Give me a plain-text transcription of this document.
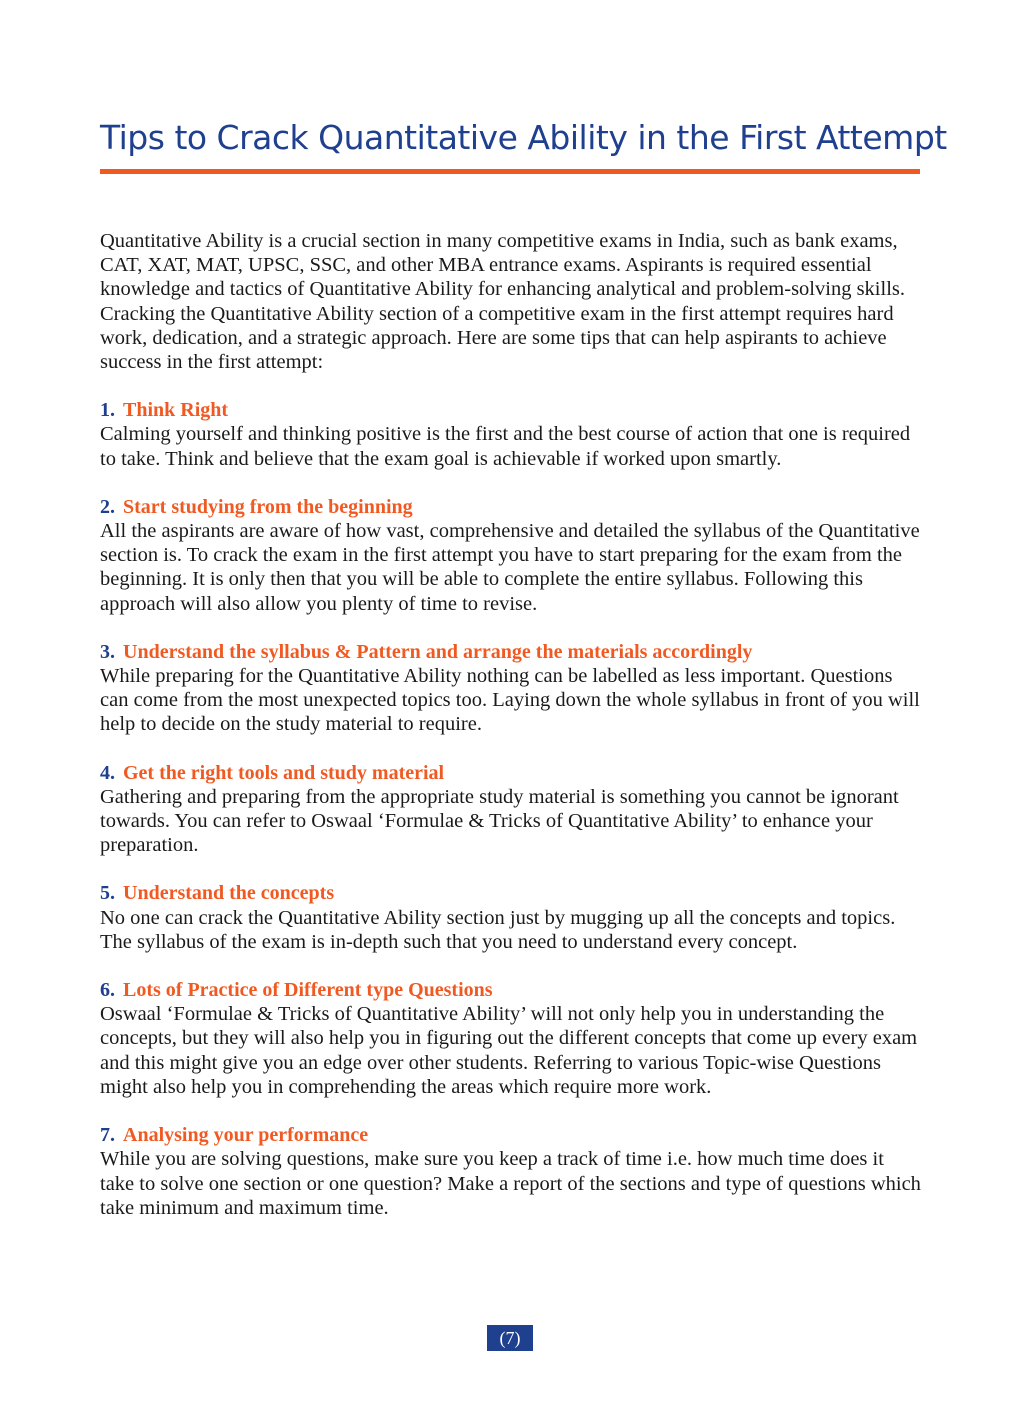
Tips to Crack Quantitative Ability in the First Attempt

Quantitative Ability is a crucial section in many competitive exams in India, such as bank exams, CAT, XAT, MAT, UPSC, SSC, and other MBA entrance exams. Aspirants is required essential knowledge and tactics of Quantitative Ability for enhancing analytical and problem-solving skills. Cracking the Quantitative Ability section of a competitive exam in the first attempt requires hard work, dedication, and a strategic approach. Here are some tips that can help aspirants to achieve success in the first attempt:

1. Think Right

Calming yourself and thinking positive is the first and the best course of action that one is required to take. Think and believe that the exam goal is achievable if worked upon smartly.

2. Start studying from the beginning

All the aspirants are aware of how vast, comprehensive and detailed the syllabus of the Quantitative section is. To crack the exam in the first attempt you have to start preparing for the exam from the beginning. It is only then that you will be able to complete the entire syllabus. Following this approach will also allow you plenty of time to revise.

3. Understand the syllabus & Pattern and arrange the materials accordingly

While preparing for the Quantitative Ability nothing can be labelled as less important. Questions can come from the most unexpected topics too. Laying down the whole syllabus in front of you will help to decide on the study material to require.

4. Get the right tools and study material

Gathering and preparing from the appropriate study material is something you cannot be ignorant towards. You can refer to Oswaal ‘Formulae & Tricks of Quantitative Ability’ to enhance your preparation.

5. Understand the concepts

No one can crack the Quantitative Ability section just by mugging up all the concepts and topics. The syllabus of the exam is in-depth such that you need to understand every concept.

6. Lots of Practice of Different type Questions

Oswaal ‘Formulae & Tricks of Quantitative Ability’ will not only help you in understanding the concepts, but they will also help you in figuring out the different concepts that come up every exam and this might give you an edge over other students. Referring to various Topic-wise Questions might also help you in comprehending the areas which require more work.

7. Analysing your performance

While you are solving questions, make sure you keep a track of time i.e. how much time does it take to solve one section or one question? Make a report of the sections and type of questions which take minimum and maximum time.

(7)
